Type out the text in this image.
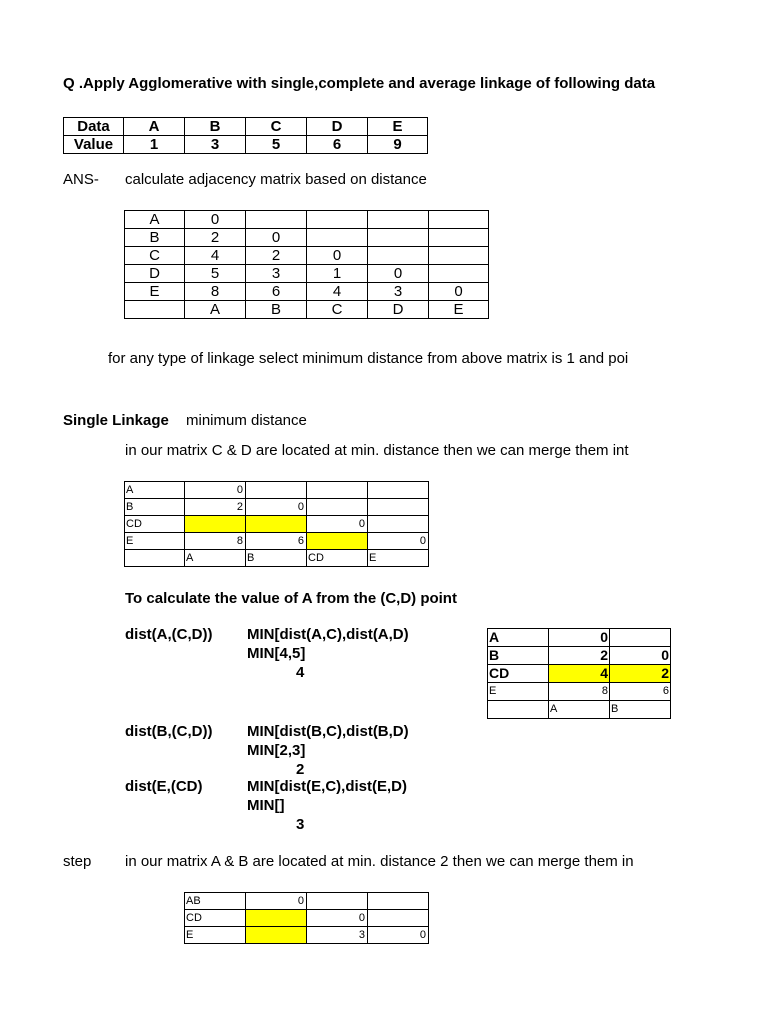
Q .Apply Agglomerative with single,complete and average linkage of following data
Data	A	B	C	D	E
Value	1	3	5	6	9
ANS- calculate adjacency matrix based on distance
A	0				
B	2	0			
C	4	2	0		
D	5	3	1	0	
E	8	6	4	3	0
	A	B	C	D	E
for any type of linkage select minimum distance from above matrix is 1 and poi
Single Linkage minimum distance
in our matrix C & D are located at min. distance then we can merge them int
A	0			
B	2	0		
CD			0	
E	8	6		0
	A	B	CD	E
To calculate the value of A from the (C,D) point
dist(A,(C,D)) MIN[dist(A,C),dist(A,D)
MIN[4,5]
4
dist(B,(C,D)) MIN[dist(B,C),dist(B,D)
MIN[2,3]
2
dist(E,(CD)	MIN[dist(E,C),dist(E,D)
MIN[]
3
A	0	
B	2	0
CD	4	2
E	8	6
	A	B
step in our matrix A & B are located at min. distance 2 then we can merge them in
AB	0		
CD		0	
E		3	0
